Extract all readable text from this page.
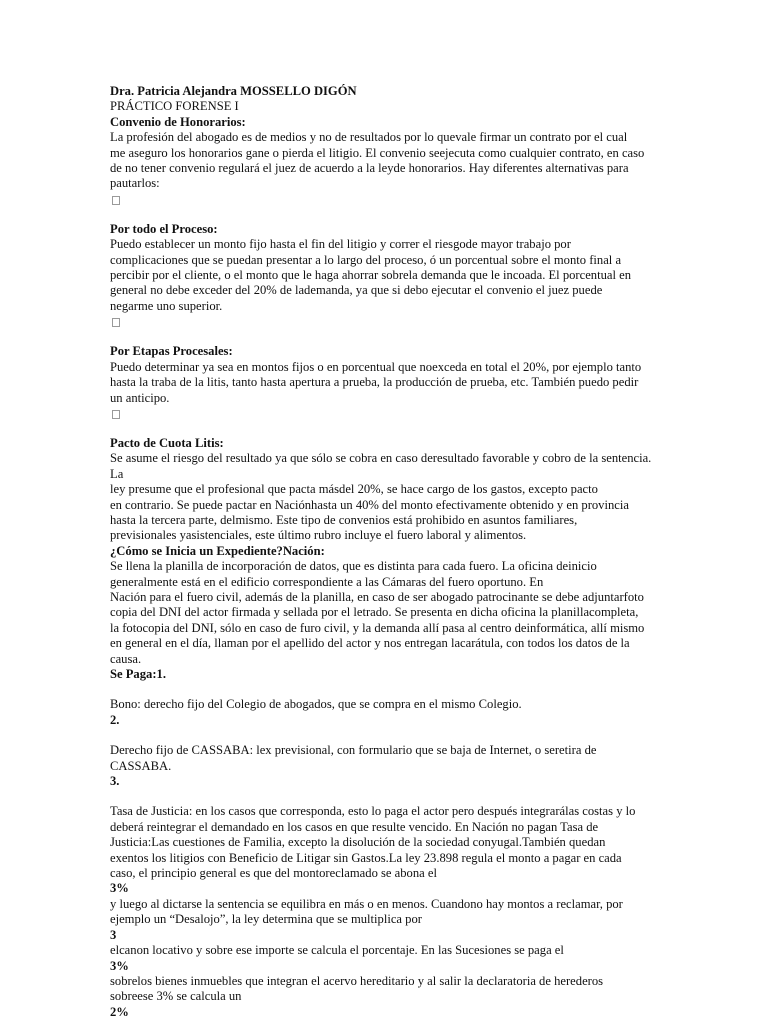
Dra. Patricia Alejandra MOSSELLO DIGÓN

PRÁCTICO FORENSE I

Convenio de Honorarios:

La profesión del abogado es de medios y no de resultados por lo quevale firmar un contrato por el cual

me aseguro los honorarios gane o pierda el litigio. El convenio seejecuta como cualquier contrato, en caso

de no tener convenio regulará el juez de acuerdo a la leyde honorarios. Hay diferentes alternativas para

pautarlos:

Por todo el Proceso:

Puedo establecer un monto fijo hasta el fin del litigio y correr el riesgode mayor trabajo por

complicaciones que se puedan presentar a lo largo del proceso, ó un porcentual sobre el monto final a

percibir por el cliente, o el monto que le haga ahorrar sobrela demanda que le incoada. El porcentual en

general no debe exceder del 20% de lademanda, ya que si debo ejecutar el convenio el juez puede

negarme uno superior.

Por Etapas Procesales:

Puedo determinar ya sea en montos fijos o en porcentual que noexceda en total el 20%, por ejemplo tanto

hasta la traba de la litis, tanto hasta apertura a prueba, la producción de prueba, etc. También puedo pedir

un anticipo.

Pacto de Cuota Litis:

Se asume el riesgo del resultado ya que sólo se cobra en caso deresultado favorable y cobro de la sentencia. La

ley presume que el profesional que pacta másdel 20%, se hace cargo de los gastos, excepto pacto

en contrario. Se puede pactar en Naciónhasta un 40% del monto efectivamente obtenido y en provincia

hasta la tercera parte, delmismo. Este tipo de convenios está prohibido en asuntos familiares,

previsionales yasistenciales, este último rubro incluye el fuero laboral y alimentos.

¿Cómo se Inicia un Expediente?Nación:

Se llena la planilla de incorporación de datos, que es distinta para cada fuero. La oficina deinicio

generalmente está en el edificio correspondiente a las Cámaras del fuero oportuno. En

Nación para el fuero civil, además de la planilla, en caso de ser abogado patrocinante se debe adjuntarfoto

copia del DNI del actor firmada y sellada por el letrado. Se presenta en dicha oficina la planillacompleta,

la fotocopia del DNI, sólo en caso de furo civil, y la demanda allí pasa al centro deinformática, allí mismo

en general en el día, llaman por el apellido del actor y nos entregan lacarátula, con todos los datos de la

causa.

Se Paga:1.

Bono: derecho fijo del Colegio de abogados, que se compra en el mismo Colegio.

2.

Derecho fijo de CASSABA: lex previsional, con formulario que se baja de Internet, o seretira de

CASSABA.

3.

Tasa de Justicia: en los casos que corresponda, esto lo paga el actor pero después integrarálas costas y lo

deberá reintegrar el demandado en los casos en que resulte vencido. En Nación no pagan Tasa de

Justicia:Las cuestiones de Familia, excepto la disolución de la sociedad conyugal.También quedan

exentos los litigios con Beneficio de Litigar sin Gastos.La ley 23.898 regula el monto a pagar en cada

caso, el principio general es que del montoreclamado se abona el

3%

y luego al dictarse la sentencia se equilibra en más o en menos. Cuandono hay montos a reclamar, por

ejemplo un “Desalojo”, la ley determina que se multiplica por

3

elcanon locativo y sobre ese importe se calcula el porcentaje. En las Sucesiones se paga el

3%

sobrelos bienes inmuebles que integran el acervo hereditario y al salir la declaratoria de herederos

sobreese 3% se calcula un

2%
